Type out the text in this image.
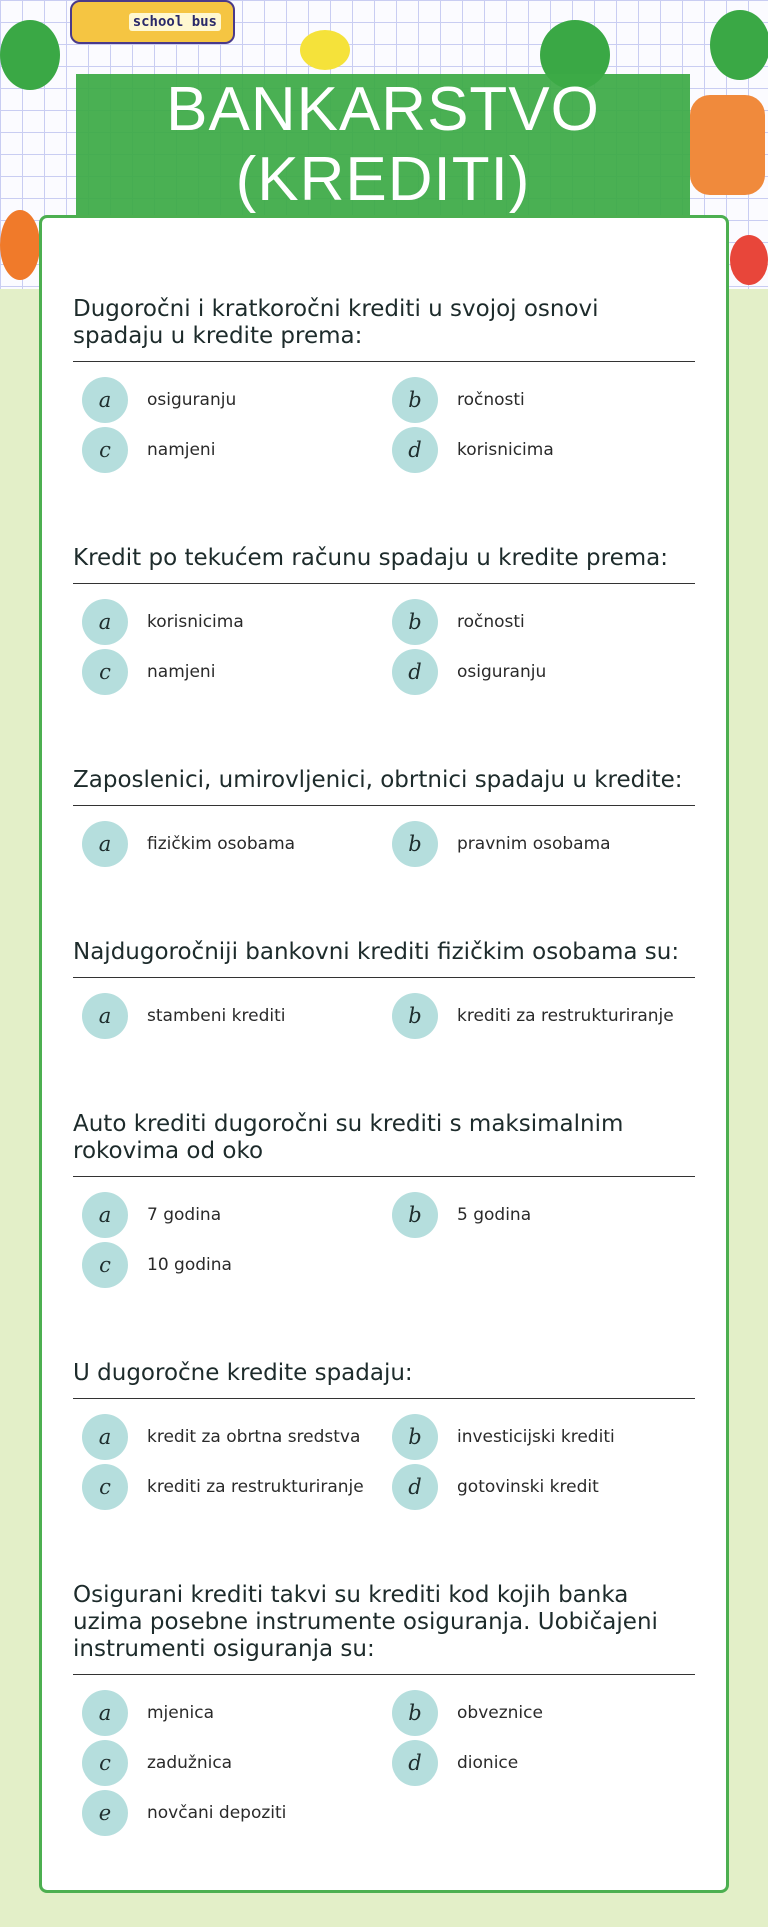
school bus
BANKARSTVO
(KREDITI)
Dugoročni i kratkoročni krediti u svojoj osnovi spadaju u kredite prema:
a	osiguranju	b	ročnosti
c	namjeni	d	korisnicima
Kredit po tekućem računu spadaju u kredite prema:
a	korisnicima	b	ročnosti
c	namjeni	d	osiguranju
Zaposlenici, umirovljenici, obrtnici spadaju u kredite:
a	fizičkim osobama	b	pravnim osobama
Najdugoročniji bankovni krediti fizičkim osobama su:
a	stambeni krediti	b	krediti za restrukturiranje
Auto krediti dugoročni su krediti s maksimalnim rokovima od oko
a	7 godina	b	5 godina
c	10 godina
U dugoročne kredite spadaju:
a	kredit za obrtna sredstva	b	investicijski krediti
c	krediti za restrukturiranje	d	gotovinski kredit
Osigurani krediti takvi su krediti kod kojih banka uzima posebne instrumente osiguranja. Uobičajeni instrumenti osiguranja su:
a	mjenica	b	obveznice
c	zadužnica	d	dionice
e	novčani depoziti
